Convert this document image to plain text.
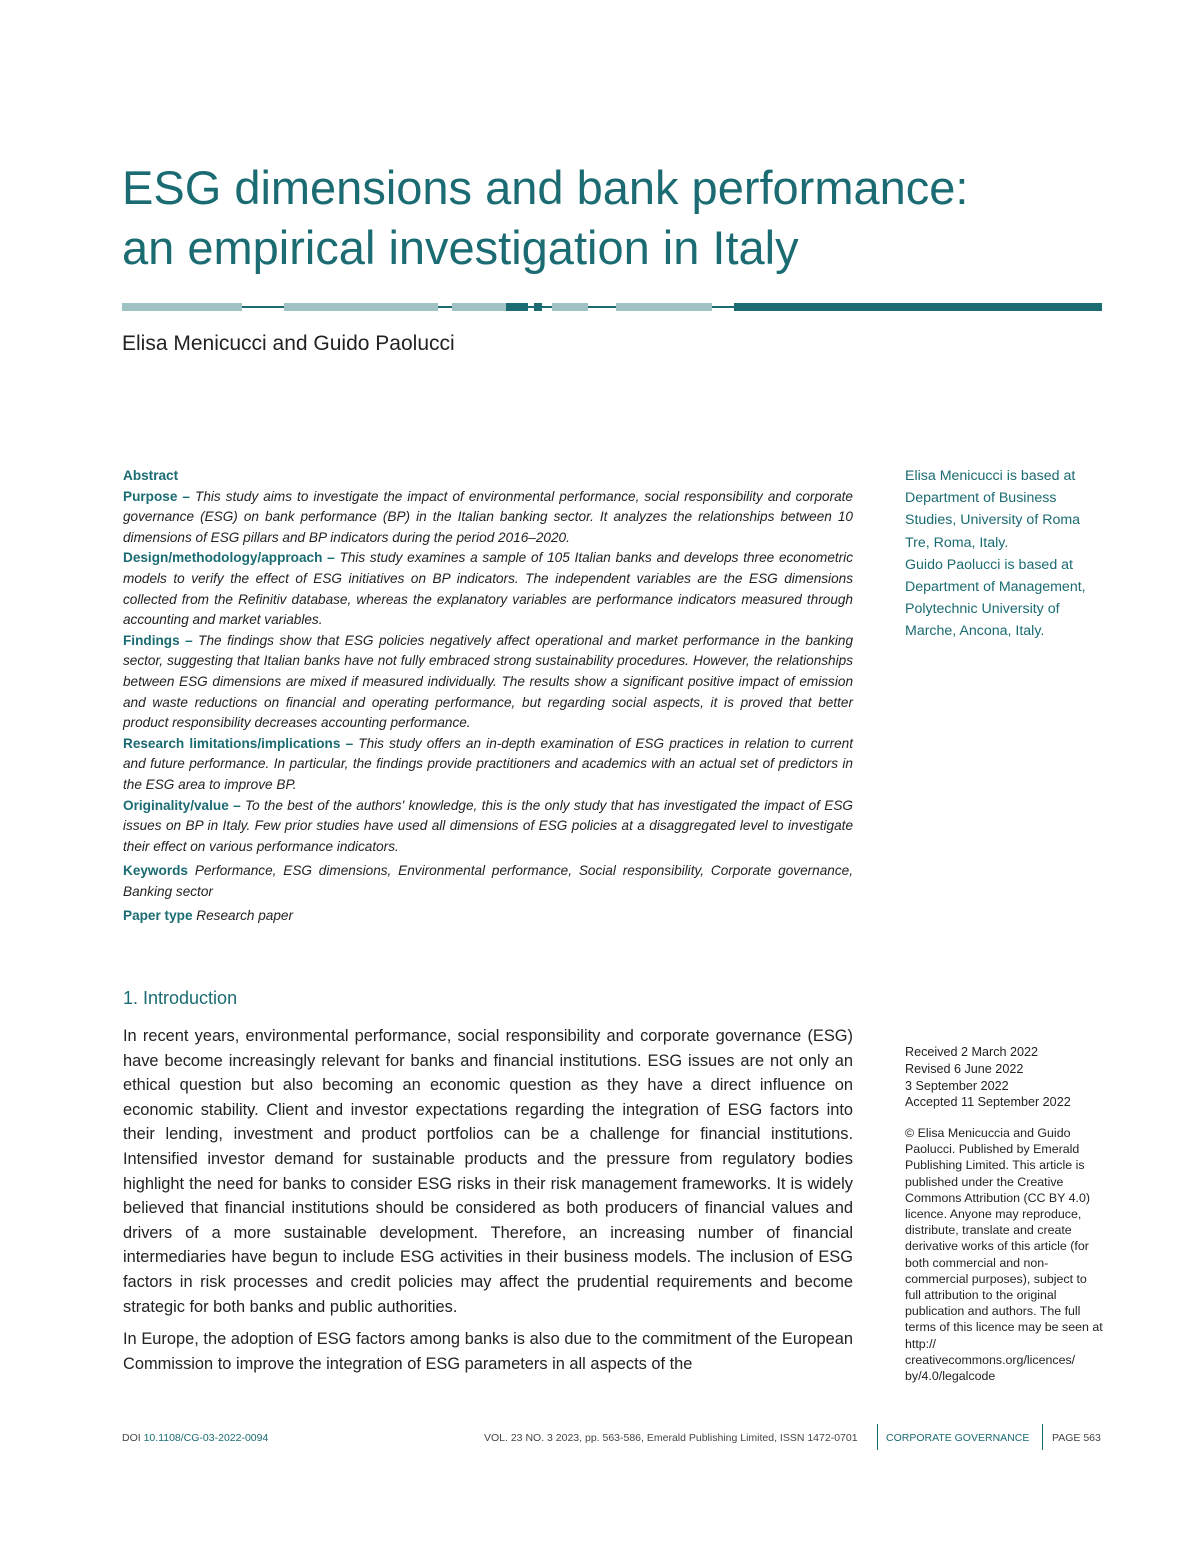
ESG dimensions and bank performance:
an empirical investigation in Italy
Elisa Menicucci and Guido Paolucci

Abstract

Purpose – This study aims to investigate the impact of environmental performance, social responsibility and corporate governance (ESG) on bank performance (BP) in the Italian banking sector. It analyzes the relationships between 10 dimensions of ESG pillars and BP indicators during the period 2016–2020.

Design/methodology/approach – This study examines a sample of 105 Italian banks and develops three econometric models to verify the effect of ESG initiatives on BP indicators. The independent variables are the ESG dimensions collected from the Refinitiv database, whereas the explanatory variables are performance indicators measured through accounting and market variables.

Findings – The findings show that ESG policies negatively affect operational and market performance in the banking sector, suggesting that Italian banks have not fully embraced strong sustainability procedures. However, the relationships between ESG dimensions are mixed if measured individually. The results show a significant positive impact of emission and waste reductions on financial and operating performance, but regarding social aspects, it is proved that better product responsibility decreases accounting performance.

Research limitations/implications – This study offers an in-depth examination of ESG practices in relation to current and future performance. In particular, the findings provide practitioners and academics with an actual set of predictors in the ESG area to improve BP.

Originality/value – To the best of the authors' knowledge, this is the only study that has investigated the impact of ESG issues on BP in Italy. Few prior studies have used all dimensions of ESG policies at a disaggregated level to investigate their effect on various performance indicators.

Keywords Performance, ESG dimensions, Environmental performance, Social responsibility, Corporate governance, Banking sector

Paper type Research paper

Elisa Menicucci is based at Department of Business Studies, University of Roma Tre, Roma, Italy.

Guido Paolucci is based at Department of Management, Polytechnic University of Marche, Ancona, Italy.

1. Introduction

In recent years, environmental performance, social responsibility and corporate governance (ESG) have become increasingly relevant for banks and financial institutions. ESG issues are not only an ethical question but also becoming an economic question as they have a direct influence on economic stability. Client and investor expectations regarding the integration of ESG factors into their lending, investment and product portfolios can be a challenge for financial institutions. Intensified investor demand for sustainable products and the pressure from regulatory bodies highlight the need for banks to consider ESG risks in their risk management frameworks. It is widely believed that financial institutions should be considered as both producers of financial values and drivers of a more sustainable development. Therefore, an increasing number of financial intermediaries have begun to include ESG activities in their business models. The inclusion of ESG factors in risk processes and credit policies may affect the prudential requirements and become strategic for both banks and public authorities.

In Europe, the adoption of ESG factors among banks is also due to the commitment of the European Commission to improve the integration of ESG parameters in all aspects of the

Received 2 March 2022
Revised 6 June 2022
3 September 2022
Accepted 11 September 2022
© Elisa Menicuccia and Guido Paolucci. Published by Emerald Publishing Limited. This article is published under the Creative Commons Attribution (CC BY 4.0) licence. Anyone may reproduce, distribute, translate and create derivative works of this article (for both commercial and non-commercial purposes), subject to full attribution to the original publication and authors. The full terms of this licence may be seen at http:// creativecommons.org/licences/ by/4.0/legalcode
DOI 10.1108/CG-03-2022-0094	VOL. 23 NO. 3 2023, pp. 563-586, Emerald Publishing Limited, ISSN 1472-0701	CORPORATE GOVERNANCE PAGE 563
